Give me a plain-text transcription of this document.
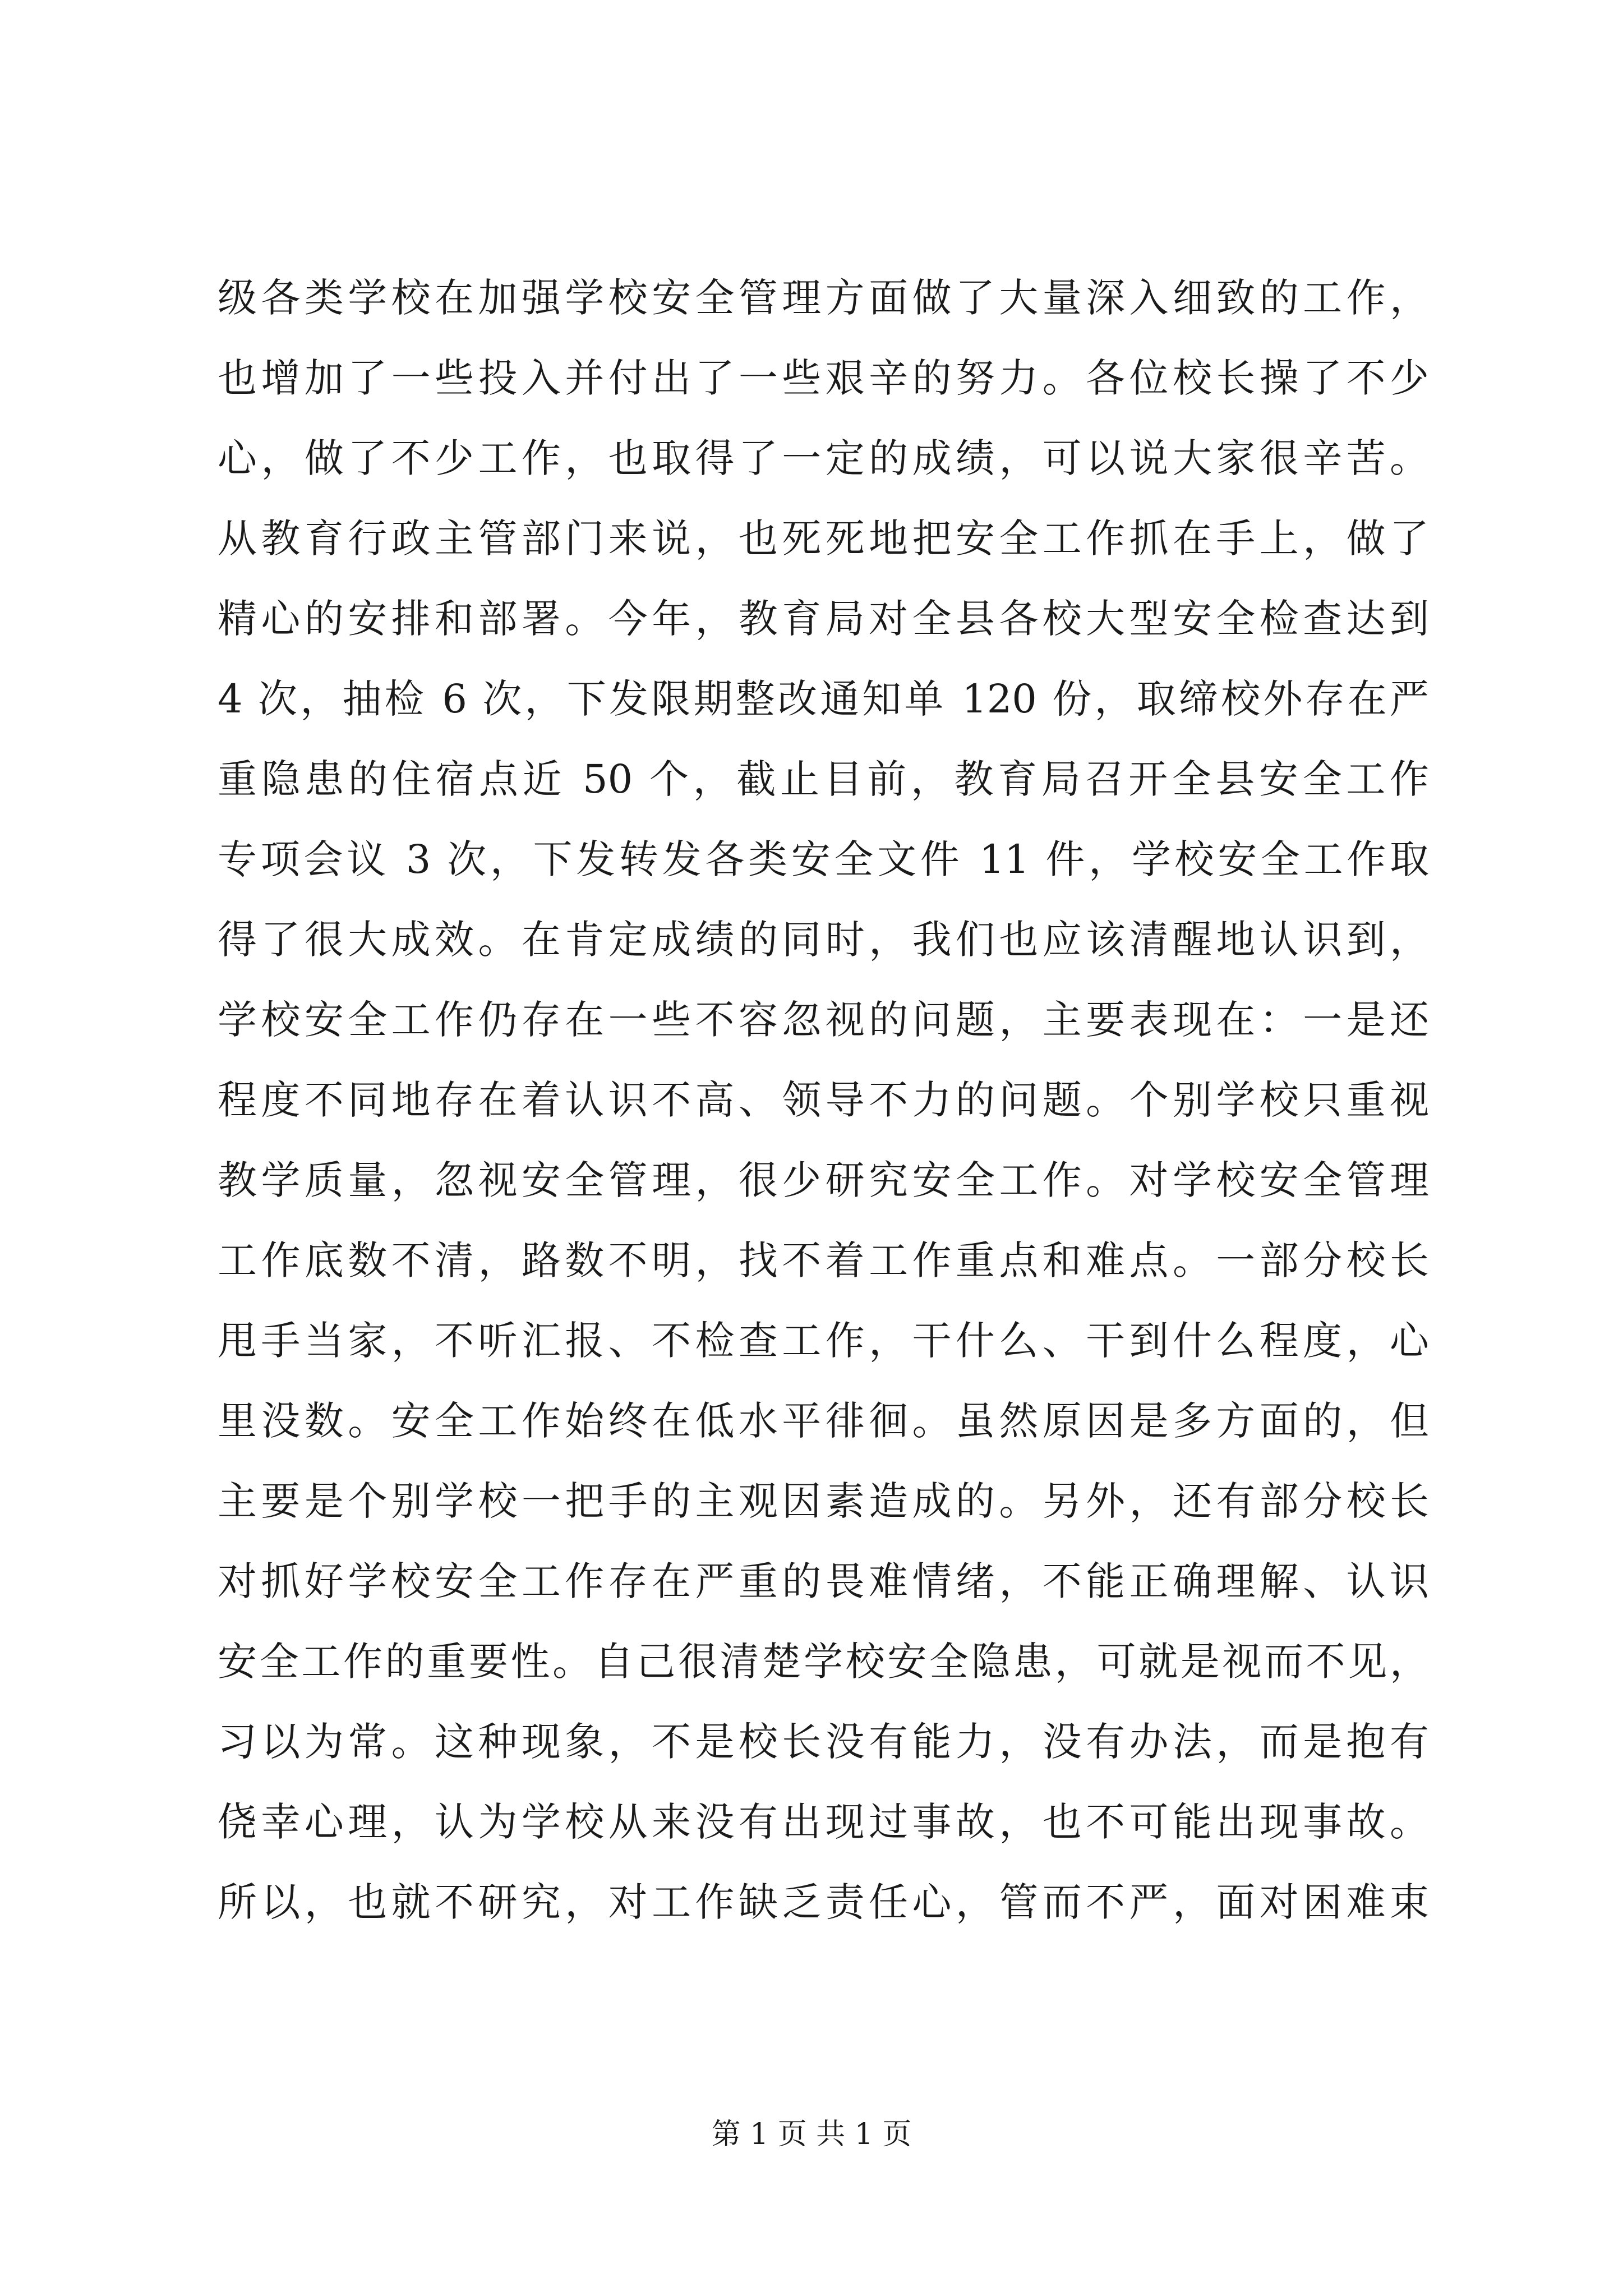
级各类学校在加强学校安全管理方面做了大量深入细致的工作，
也增加了一些投入并付出了一些艰辛的努力。各位校长操了不少
心，做了不少工作，也取得了一定的成绩，可以说大家很辛苦。
从教育行政主管部门来说，也死死地把安全工作抓在手上，做了
精心的安排和部署。今年，教育局对全县各校大型安全检查达到
4 次，抽检 6 次，下发限期整改通知单 120 份，取缔校外存在严
重隐患的住宿点近 50 个，截止目前，教育局召开全县安全工作
专项会议 3 次，下发转发各类安全文件 11 件，学校安全工作取
得了很大成效。在肯定成绩的同时，我们也应该清醒地认识到，
学校安全工作仍存在一些不容忽视的问题，主要表现在：一是还
程度不同地存在着认识不高、领导不力的问题。个别学校只重视
教学质量，忽视安全管理，很少研究安全工作。对学校安全管理
工作底数不清，路数不明，找不着工作重点和难点。一部分校长
甩手当家，不听汇报、不检查工作，干什么、干到什么程度，心
里没数。安全工作始终在低水平徘徊。虽然原因是多方面的，但
主要是个别学校一把手的主观因素造成的。另外，还有部分校长
对抓好学校安全工作存在严重的畏难情绪，不能正确理解、认识
安全工作的重要性。自己很清楚学校安全隐患，可就是视而不见，
习以为常。这种现象，不是校长没有能力，没有办法，而是抱有
侥幸心理，认为学校从来没有出现过事故，也不可能出现事故。
所以，也就不研究，对工作缺乏责任心，管而不严，面对困难束
第 1 页 共 1 页
